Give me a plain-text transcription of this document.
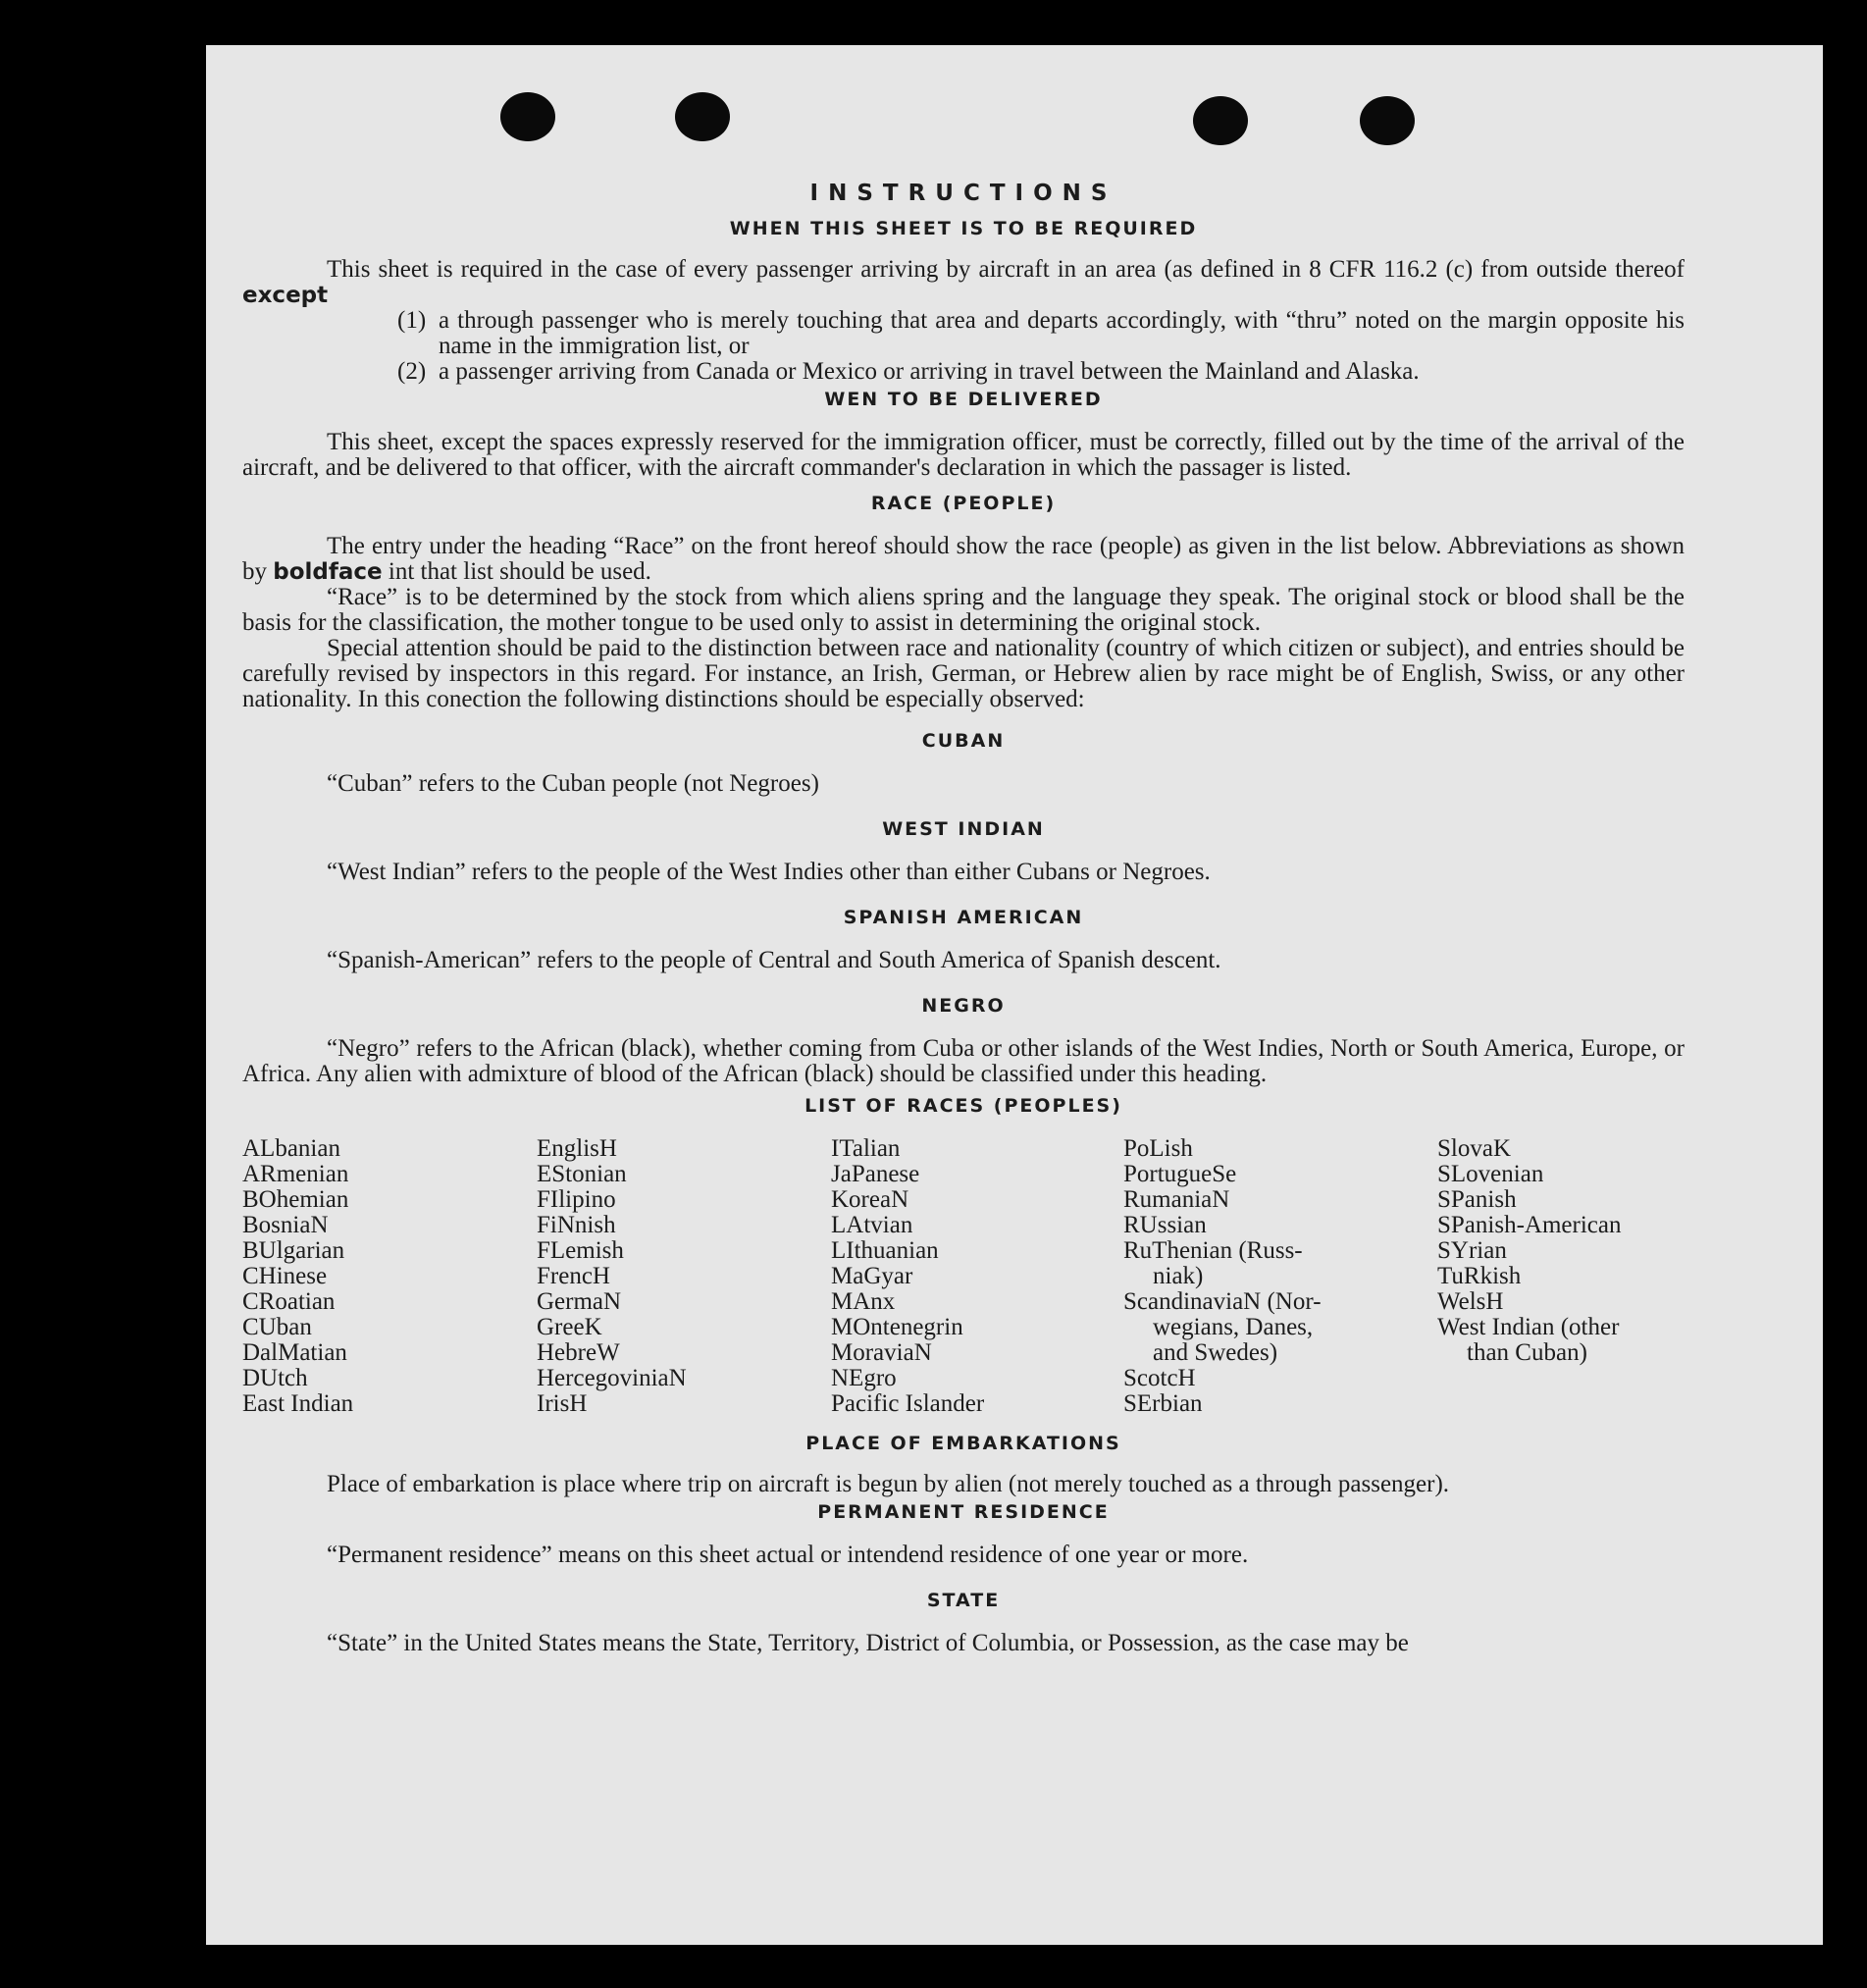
INSTRUCTIONS
WHEN THIS SHEET IS TO BE REQUIRED

This sheet is required in the case of every passenger arriving by aircraft in an area (as defined in 8 CFR 116.2 (c) from outside thereof except

(1) a through passenger who is merely touching that area and departs accordingly, with “thru” noted on the margin opposite his name in the immigration list, or

(2) a passenger arriving from Canada or Mexico or arriving in travel between the Mainland and Alaska.

WEN TO BE DELIVERED

This sheet, except the spaces expressly reserved for the immigration officer, must be correctly, filled out by the time of the arrival of the aircraft, and be delivered to that officer, with the aircraft commander's declaration in which the passager is listed.

RACE (PEOPLE)

The entry under the heading “Race” on the front hereof should show the race (people) as given in the list below. Abbreviations as shown by boldface int that list should be used.

“Race” is to be determined by the stock from which aliens spring and the language they speak. The original stock or blood shall be the basis for the classification, the mother tongue to be used only to assist in determining the original stock.

Special attention should be paid to the distinction between race and nationality (country of which citizen or subject), and entries should be carefully revised by inspectors in this regard. For instance, an Irish, German, or Hebrew alien by race might be of English, Swiss, or any other nationality. In this conection the following distinctions should be especially observed:

CUBAN

“Cuban” refers to the Cuban people (not Negroes)

WEST INDIAN

“West Indian” refers to the people of the West Indies other than either Cubans or Negroes.

SPANISH AMERICAN

“Spanish-American” refers to the people of Central and South America of Spanish descent.

NEGRO

“Negro” refers to the African (black), whether coming from Cuba or other islands of the West Indies, North or South America, Europe, or Africa. Any alien with admixture of blood of the African (black) should be classified under this heading.

LIST OF RACES (PEOPLES)
ALbanian
ARmenian
BOhemian
BosniaN
BUlgarian
CHinese
CRoatian
CUban
DalMatian
DUtch
East Indian
EnglisH
EStonian
FIlipino
FiNnish
FLemish
FrencH
GermaN
GreeK
HebreW
HercegoviniaN
IrisH
ITalian
JaPanese
KoreaN
LAtvian
LIthuanian
MaGyar
MAnx
MOntenegrin
MoraviaN
NEgro
Pacific Islander
PoLish
PortugueSe
RumaniaN
RUssian
RuThenian (Russ-
niak)
ScandinaviaN (Nor-
wegians, Danes,
and Swedes)
ScotcH
SErbian
SlovaK
SLovenian
SPanish
SPanish-American
SYrian
TuRkish
WelsH
West Indian (other
than Cuban)
PLACE OF EMBARKATIONS

Place of embarkation is place where trip on aircraft is begun by alien (not merely touched as a through passenger).

PERMANENT RESIDENCE

“Permanent residence” means on this sheet actual or intendend residence of one year or more.

STATE

“State” in the United States means the State, Territory, District of Columbia, or Possession, as the case may be
